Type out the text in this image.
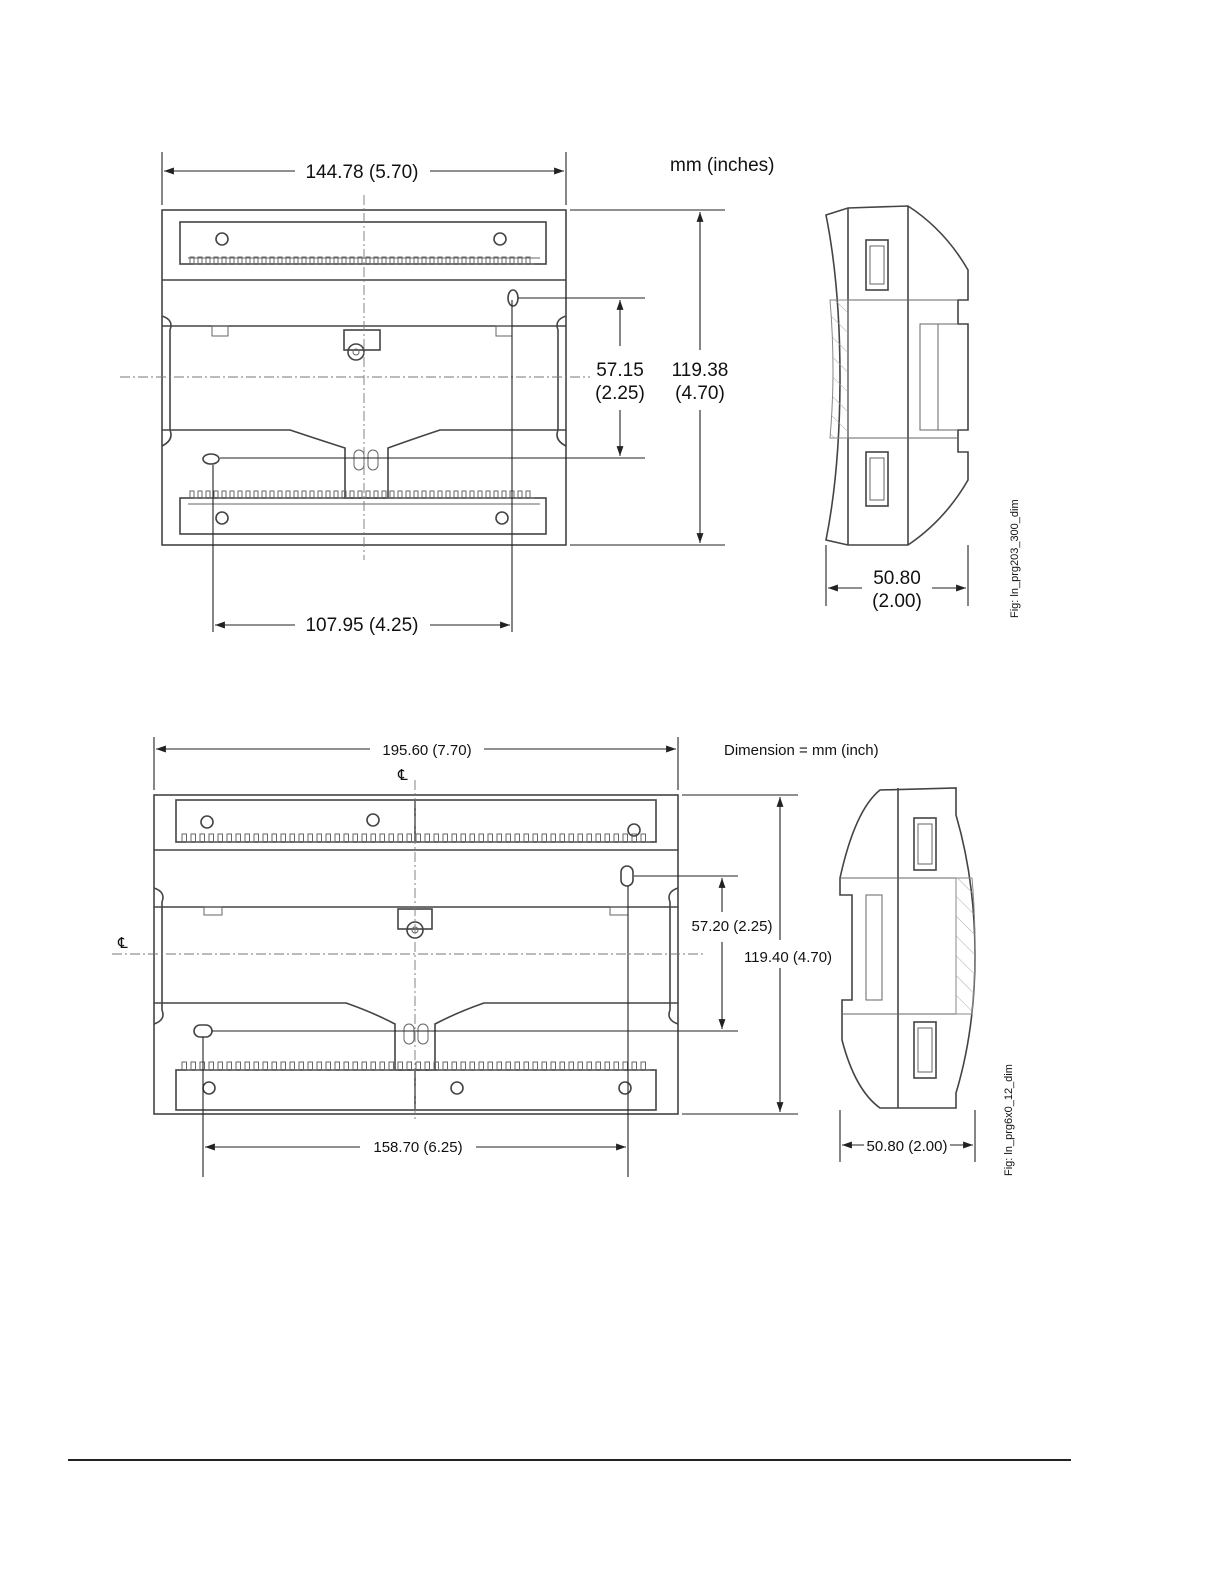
144.78 (5.70)	mm (inches)
57.15
(2.25)
119.38
(4.70)
107.95 (4.25)
50.80
(2.00)	Fig: ln_prg203_300_dim
℄
℄
195.60 (7.70)	Dimension = mm (inch)
57.20 (2.25)
119.40 (4.70)
158.70 (6.25)	50.80 (2.00)	Fig: ln_prg6x0_12_dim
